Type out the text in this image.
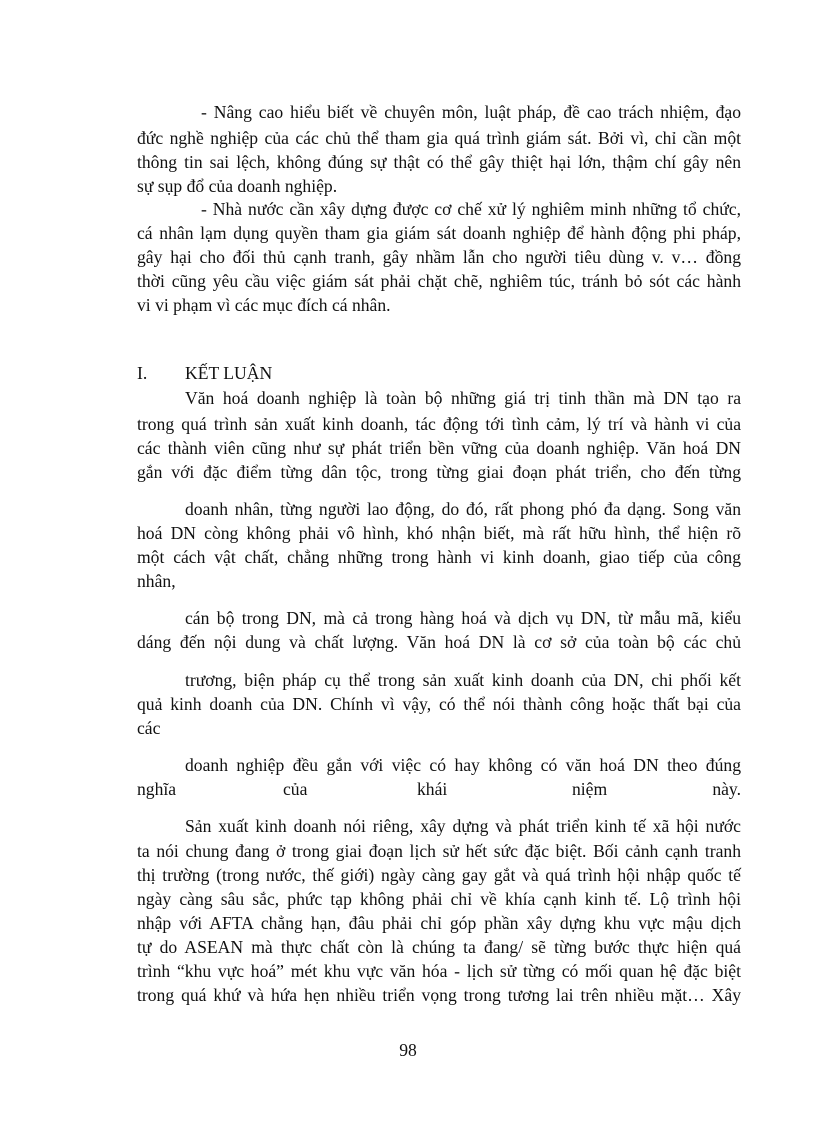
- Nâng cao hiểu biết về chuyên môn, luật pháp, đề cao trách nhiệm, đạo
đức nghề nghiệp của các chủ thể tham gia quá trình giám sát. Bởi vì, chỉ cần một
thông tin sai lệch, không đúng sự thật có thể gây thiệt hại lớn, thậm chí gây nên
sự sụp đổ của doanh nghiệp.
- Nhà nước cần xây dựng được cơ chế xử lý nghiêm minh những tổ chức,
cá nhân lạm dụng quyền tham gia giám sát doanh nghiệp để hành động phi pháp,
gây hại cho đối thủ cạnh tranh, gây nhầm lẫn cho người tiêu dùng v. v… đồng
thời cũng yêu cầu việc giám sát phải chặt chẽ, nghiêm túc, tránh bỏ sót các hành
vi vi phạm vì các mục đích cá nhân.
I. KẾT LUẬN
Văn hoá doanh nghiệp là toàn bộ những giá trị tinh thần mà DN tạo ra
trong quá trình sản xuất kinh doanh, tác động tới tình cảm, lý trí và hành vi của
các thành viên cũng như sự phát triển bền vững của doanh nghiệp. Văn hoá DN
gắn với đặc điểm từng dân tộc, trong từng giai đoạn phát triển, cho đến từng
doanh nhân, từng người lao động, do đó, rất phong phó đa dạng. Song văn
hoá DN còng không phải vô hình, khó nhận biết, mà rất hữu hình, thể hiện rõ
một cách vật chất, chẳng những trong hành vi kinh doanh, giao tiếp của công
nhân,
cán bộ trong DN, mà cả trong hàng hoá và dịch vụ DN, từ mẫu mã, kiểu
dáng đến nội dung và chất lượng. Văn hoá DN là cơ sở của toàn bộ các chủ
trương, biện pháp cụ thể trong sản xuất kinh doanh của DN, chi phối kết
quả kinh doanh của DN. Chính vì vậy, có thể nói thành công hoặc thất bại của
các
doanh nghiệp đều gắn với việc có hay không có văn hoá DN theo đúng
nghĩa	của	khái	niệm	này.
Sản xuất kinh doanh nói riêng, xây dựng và phát triển kinh tế xã hội nước
ta nói chung đang ở trong giai đoạn lịch sử hết sức đặc biệt. Bối cảnh cạnh tranh
thị trường (trong nước, thế giới) ngày càng gay gắt và quá trình hội nhập quốc tế
ngày càng sâu sắc, phức tạp không phải chỉ về khía cạnh kinh tế. Lộ trình hội
nhập với AFTA chẳng hạn, đâu phải chỉ góp phần xây dựng khu vực mậu dịch
tự do ASEAN mà thực chất còn là chúng ta đang/ sẽ từng bước thực hiện quá
trình “khu vực hoá” mét khu vực văn hóa - lịch sử từng có mối quan hệ đặc biệt
trong quá khứ và hứa hẹn nhiều triển vọng trong tương lai trên nhiều mặt… Xây
98
